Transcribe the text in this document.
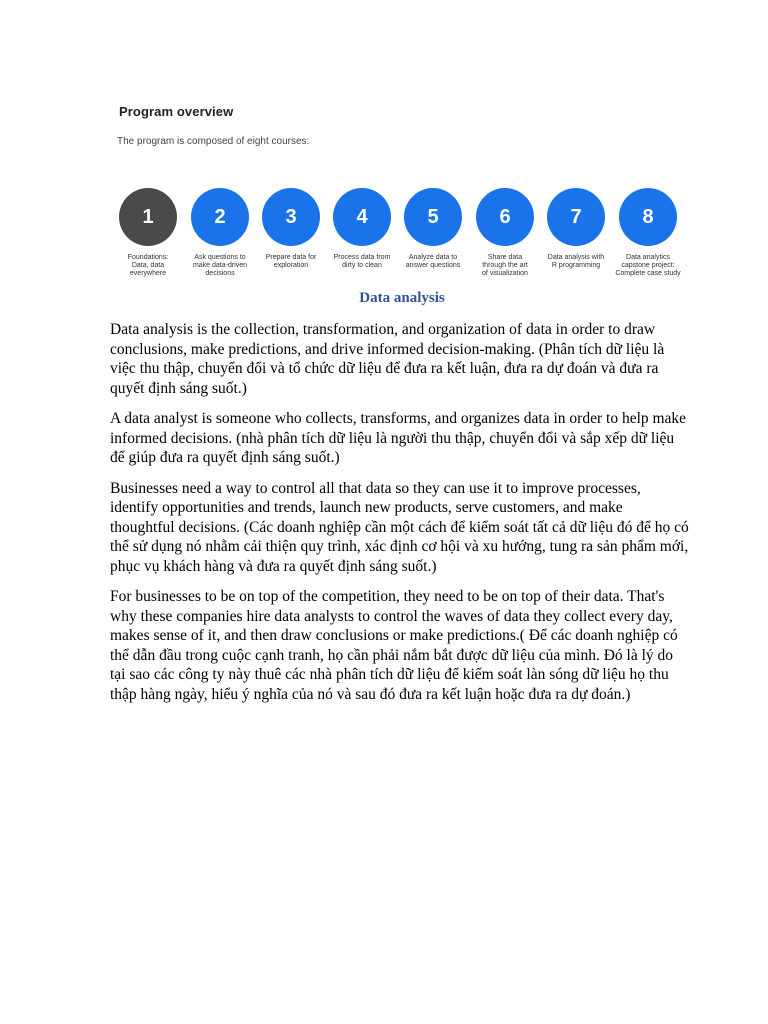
Program overview
The program is composed of eight courses:
1
Foundations:
Data, data
everywhere
2
Ask questions to
make data-driven
decisions
3
Prepare data for
exploration
4
Process data from
dirty to clean
5
Analyze data to
answer questions
6
Share data
through the art
of visualization
7
Data analysis with
R programming
8
Data analytics
capstone project:
Complete case study
Data analysis

Data analysis is the collection, transformation, and organization of data in order to draw conclusions, make predictions, and drive informed decision-making. (Phân tích dữ liệu là việc thu thập, chuyển đổi và tổ chức dữ liệu để đưa ra kết luận, đưa ra dự đoán và đưa ra quyết định sáng suốt.)

A data analyst is someone who collects, transforms, and organizes data in order to help make informed decisions. (nhà phân tích dữ liệu là người thu thập, chuyển đổi và sắp xếp dữ liệu để giúp đưa ra quyết định sáng suốt.)

Businesses need a way to control all that data so they can use it to improve processes, identify opportunities and trends, launch new products, serve customers, and make thoughtful decisions. (Các doanh nghiệp cần một cách để kiểm soát tất cả dữ liệu đó để họ có thể sử dụng nó nhằm cải thiện quy trình, xác định cơ hội và xu hướng, tung ra sản phẩm mới, phục vụ khách hàng và đưa ra quyết định sáng suốt.)

For businesses to be on top of the competition, they need to be on top of their data. That's why these companies hire data analysts to control the waves of data they collect every day, makes sense of it, and then draw conclusions or make predictions.( Để các doanh nghiệp có thể dẫn đầu trong cuộc cạnh tranh, họ cần phải nắm bắt được dữ liệu của mình. Đó là lý do tại sao các công ty này thuê các nhà phân tích dữ liệu để kiểm soát làn sóng dữ liệu họ thu thập hàng ngày, hiểu ý nghĩa của nó và sau đó đưa ra kết luận hoặc đưa ra dự đoán.)
